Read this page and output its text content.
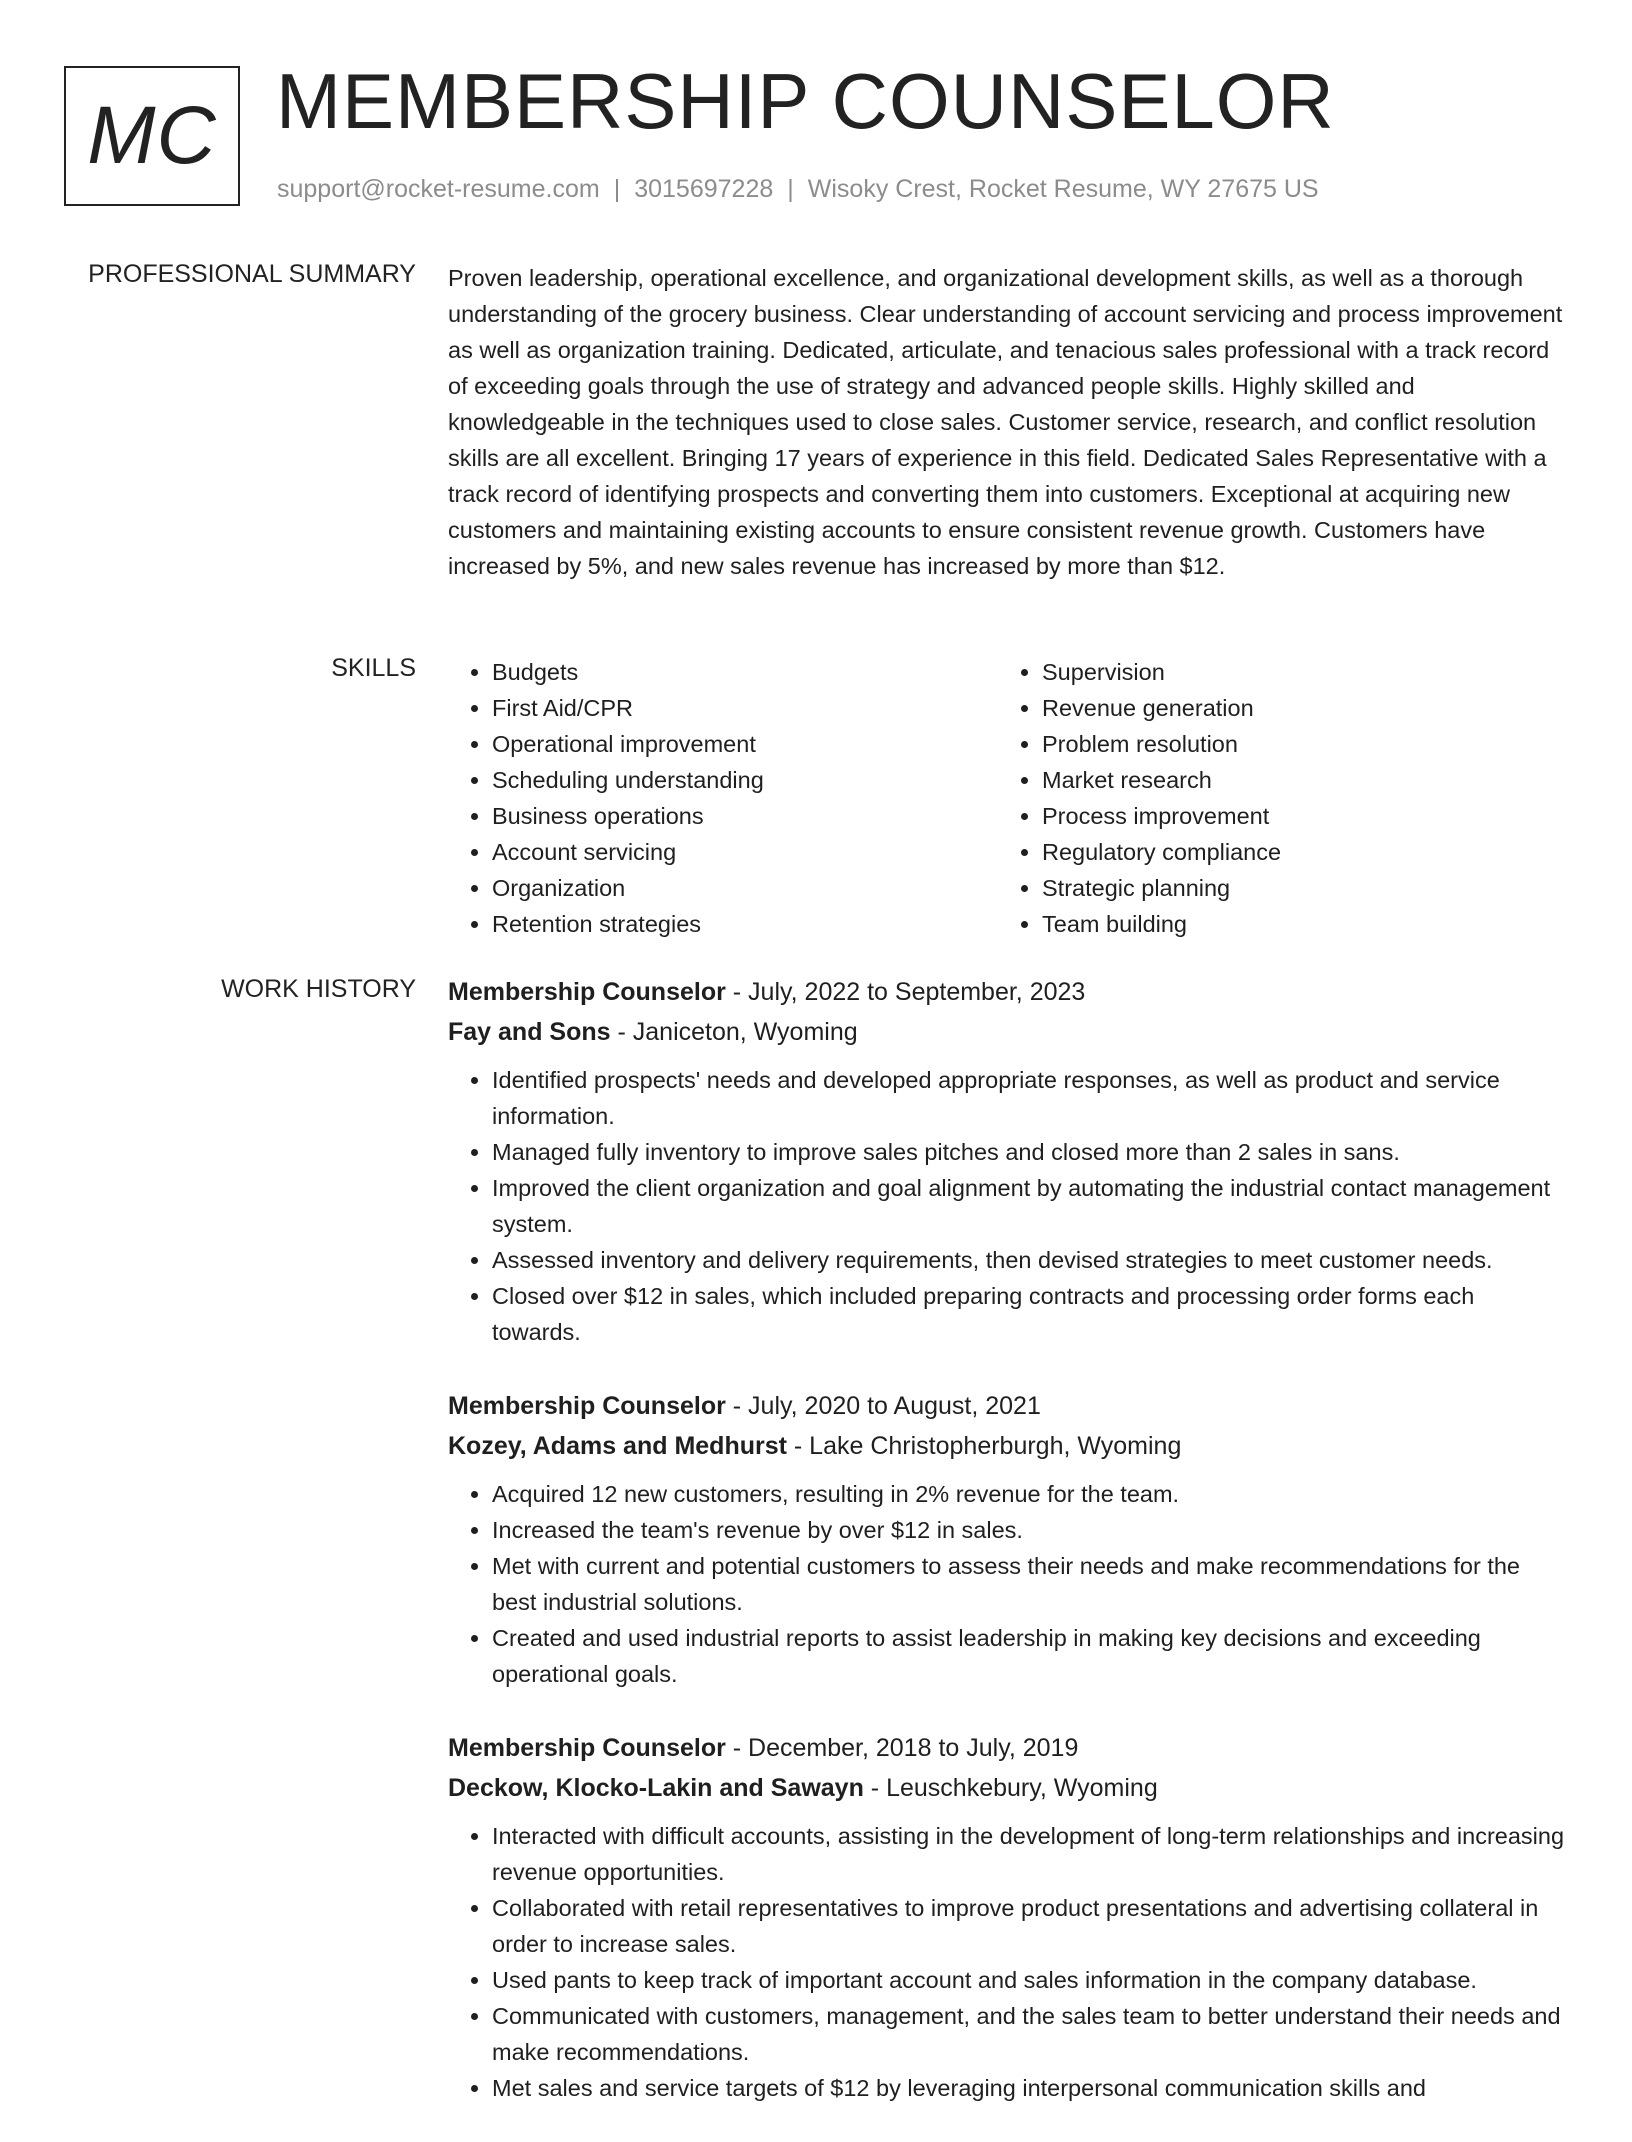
MC MEMBERSHIP COUNSELOR
support@rocket-resume.com | 3015697228 | Wisoky Crest, Rocket Resume, WY 27675 US
PROFESSIONAL SUMMARY Proven leadership, operational excellence, and organizational development skills, as well as a thorough understanding of the grocery business. Clear understanding of account servicing and process improvement as well as organization training. Dedicated, articulate, and tenacious sales professional with a track record of exceeding goals through the use of strategy and advanced people skills. Highly skilled and knowledgeable in the techniques used to close sales. Customer service, research, and conflict resolution skills are all excellent. Bringing 17 years of experience in this field. Dedicated Sales Representative with a track record of identifying prospects and converting them into customers. Exceptional at acquiring new customers and maintaining existing accounts to ensure consistent revenue growth. Customers have increased by 5%, and new sales revenue has increased by more than $12.

SKILLS
•	Budgets
• First Aid/CPR
• Operational improvement
• Scheduling understanding
• Business operations
• Account servicing
• Organization
• Retention strategies
• Supervision
• Revenue generation
• Problem resolution
• Market research
• Process improvement
• Regulatory compliance
• Strategic planning
• Team building
WORK HISTORY Membership Counselor - July, 2022 to September, 2023
Fay and Sons - Janiceton, Wyoming
• Identified prospects' needs and developed appropriate responses, as well as product and service information.
• Managed fully inventory to improve sales pitches and closed more than 2 sales in sans.
• Improved the client organization and goal alignment by automating the industrial contact management system.
• Assessed inventory and delivery requirements, then devised strategies to meet customer needs.
• Closed over $12 in sales, which included preparing contracts and processing order forms each towards.
Membership Counselor - July, 2020 to August, 2021
Kozey, Adams and Medhurst - Lake Christopherburgh, Wyoming
• Acquired 12 new customers, resulting in 2% revenue for the team.
• Increased the team's revenue by over $12 in sales.
• Met with current and potential customers to assess their needs and make recommendations for the best industrial solutions.
• Created and used industrial reports to assist leadership in making key decisions and exceeding operational goals.
Membership Counselor - December, 2018 to July, 2019
Deckow, Klocko-Lakin and Sawayn - Leuschkebury, Wyoming
• Interacted with difficult accounts, assisting in the development of long-term relationships and increasing revenue opportunities.
• Collaborated with retail representatives to improve product presentations and advertising collateral in order to increase sales.
• Used pants to keep track of important account and sales information in the company database.
• Communicated with customers, management, and the sales team to better understand their needs and make recommendations.
• Met sales and service targets of $12 by leveraging interpersonal communication skills and
